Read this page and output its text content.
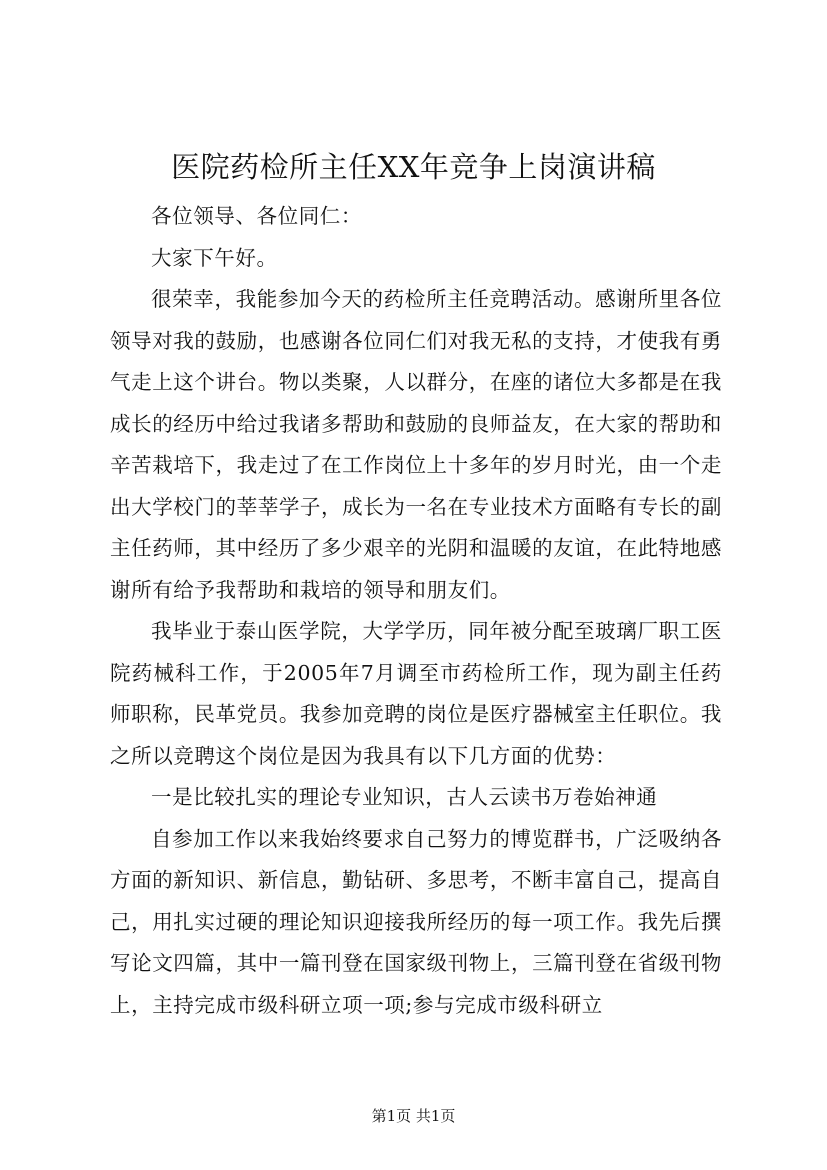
医院药检所主任XX年竞争上岗演讲稿

各位领导、各位同仁：

大家下午好。

很荣幸，我能参加今天的药检所主任竞聘活动。感谢所里各位领导对我的鼓励，也感谢各位同仁们对我无私的支持，才使我有勇气走上这个讲台。物以类聚，人以群分，在座的诸位大多都是在我成长的经历中给过我诸多帮助和鼓励的良师益友，在大家的帮助和辛苦栽培下，我走过了在工作岗位上十多年的岁月时光，由一个走出大学校门的莘莘学子，成长为一名在专业技术方面略有专长的副主任药师，其中经历了多少艰辛的光阴和温暖的友谊，在此特地感谢所有给予我帮助和栽培的领导和朋友们。

我毕业于泰山医学院，大学学历，同年被分配至玻璃厂职工医院药械科工作，于2005年7月调至市药检所工作，现为副主任药师职称，民革党员。我参加竞聘的岗位是医疗器械室主任职位。我之所以竞聘这个岗位是因为我具有以下几方面的优势：

一是比较扎实的理论专业知识，古人云读书万卷始神通

自参加工作以来我始终要求自己努力的博览群书，广泛吸纳各方面的新知识、新信息，勤钻研、多思考，不断丰富自己，提高自己，用扎实过硬的理论知识迎接我所经历的每一项工作。我先后撰写论文四篇，其中一篇刊登在国家级刊物上，三篇刊登在省级刊物上，主持完成市级科研立项一项;参与完成市级科研立

第1页 共1页
